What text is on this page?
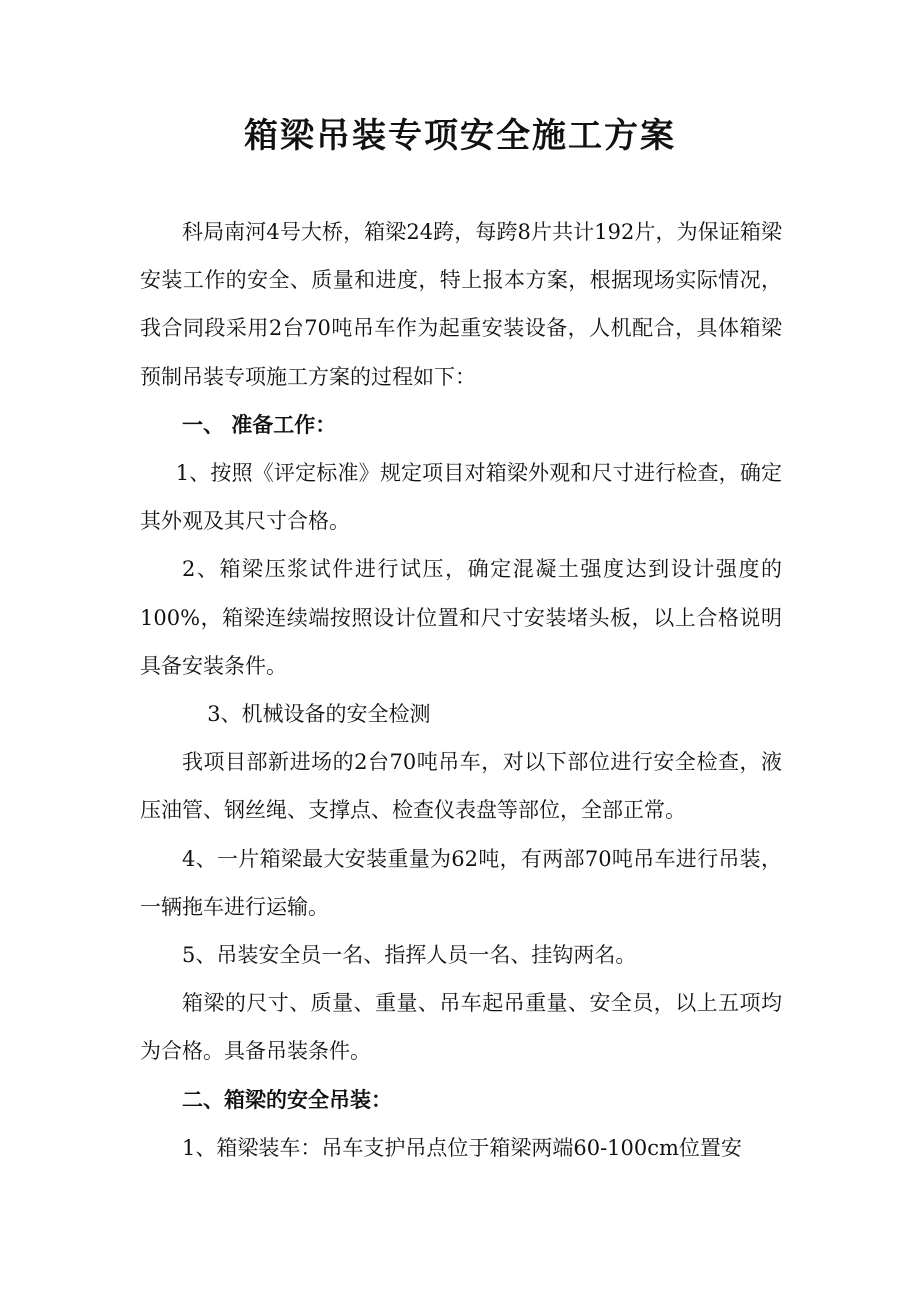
箱梁吊装专项安全施工方案

科局南河4号大桥，箱梁24跨，每跨8片共计192片，为保证箱梁安装工作的安全、质量和进度，特上报本方案，根据现场实际情况，我合同段采用2台70吨吊车作为起重安装设备，人机配合，具体箱梁预制吊装专项施工方案的过程如下：

一、 准备工作：

1、按照《评定标准》规定项目对箱梁外观和尺寸进行检查，确定其外观及其尺寸合格。

2、箱梁压浆试件进行试压，确定混凝土强度达到设计强度的100%，箱梁连续端按照设计位置和尺寸安装堵头板，以上合格说明具备安装条件。

3、机械设备的安全检测

我项目部新进场的2台70吨吊车，对以下部位进行安全检查，液压油管、钢丝绳、支撑点、检查仪表盘等部位，全部正常。

4、一片箱梁最大安装重量为62吨，有两部70吨吊车进行吊装，一辆拖车进行运输。

5、吊装安全员一名、指挥人员一名、挂钩两名。

箱梁的尺寸、质量、重量、吊车起吊重量、安全员，以上五项均为合格。具备吊装条件。

二、箱梁的安全吊装：

1、箱梁装车：吊车支护吊点位于箱梁两端60-100cm位置安
